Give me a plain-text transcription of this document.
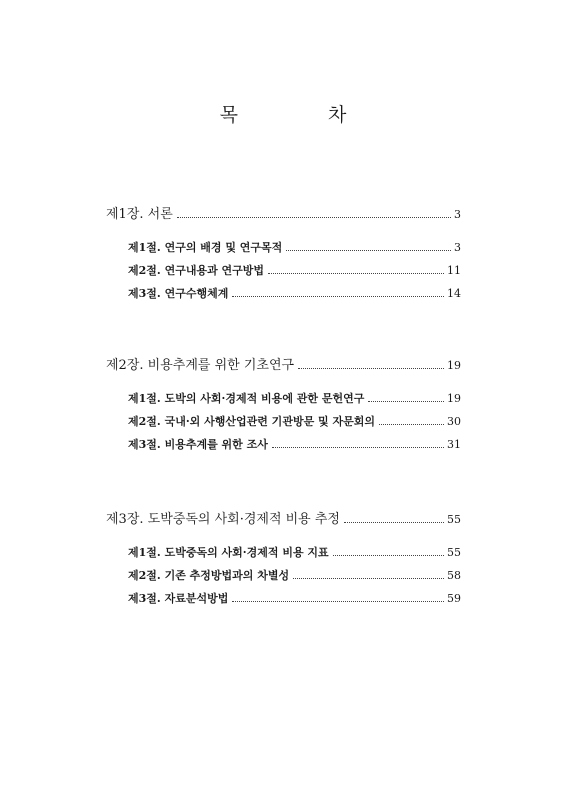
목 차
제1장. 서론	3
제1절. 연구의 배경 및 연구목적	3
제2절. 연구내용과 연구방법	11
제3절. 연구수행체계	14
제2장. 비용추계를 위한 기초연구	19
제1절. 도박의 사회·경제적 비용에 관한 문헌연구	19
제2절. 국내·외 사행산업관련 기관방문 및 자문회의	30
제3절. 비용추계를 위한 조사	31
제3장. 도박중독의 사회·경제적 비용 추정	55
제1절. 도박중독의 사회·경제적 비용 지표	55
제2절. 기존 추정방법과의 차별성	58
제3절. 자료분석방법	59
